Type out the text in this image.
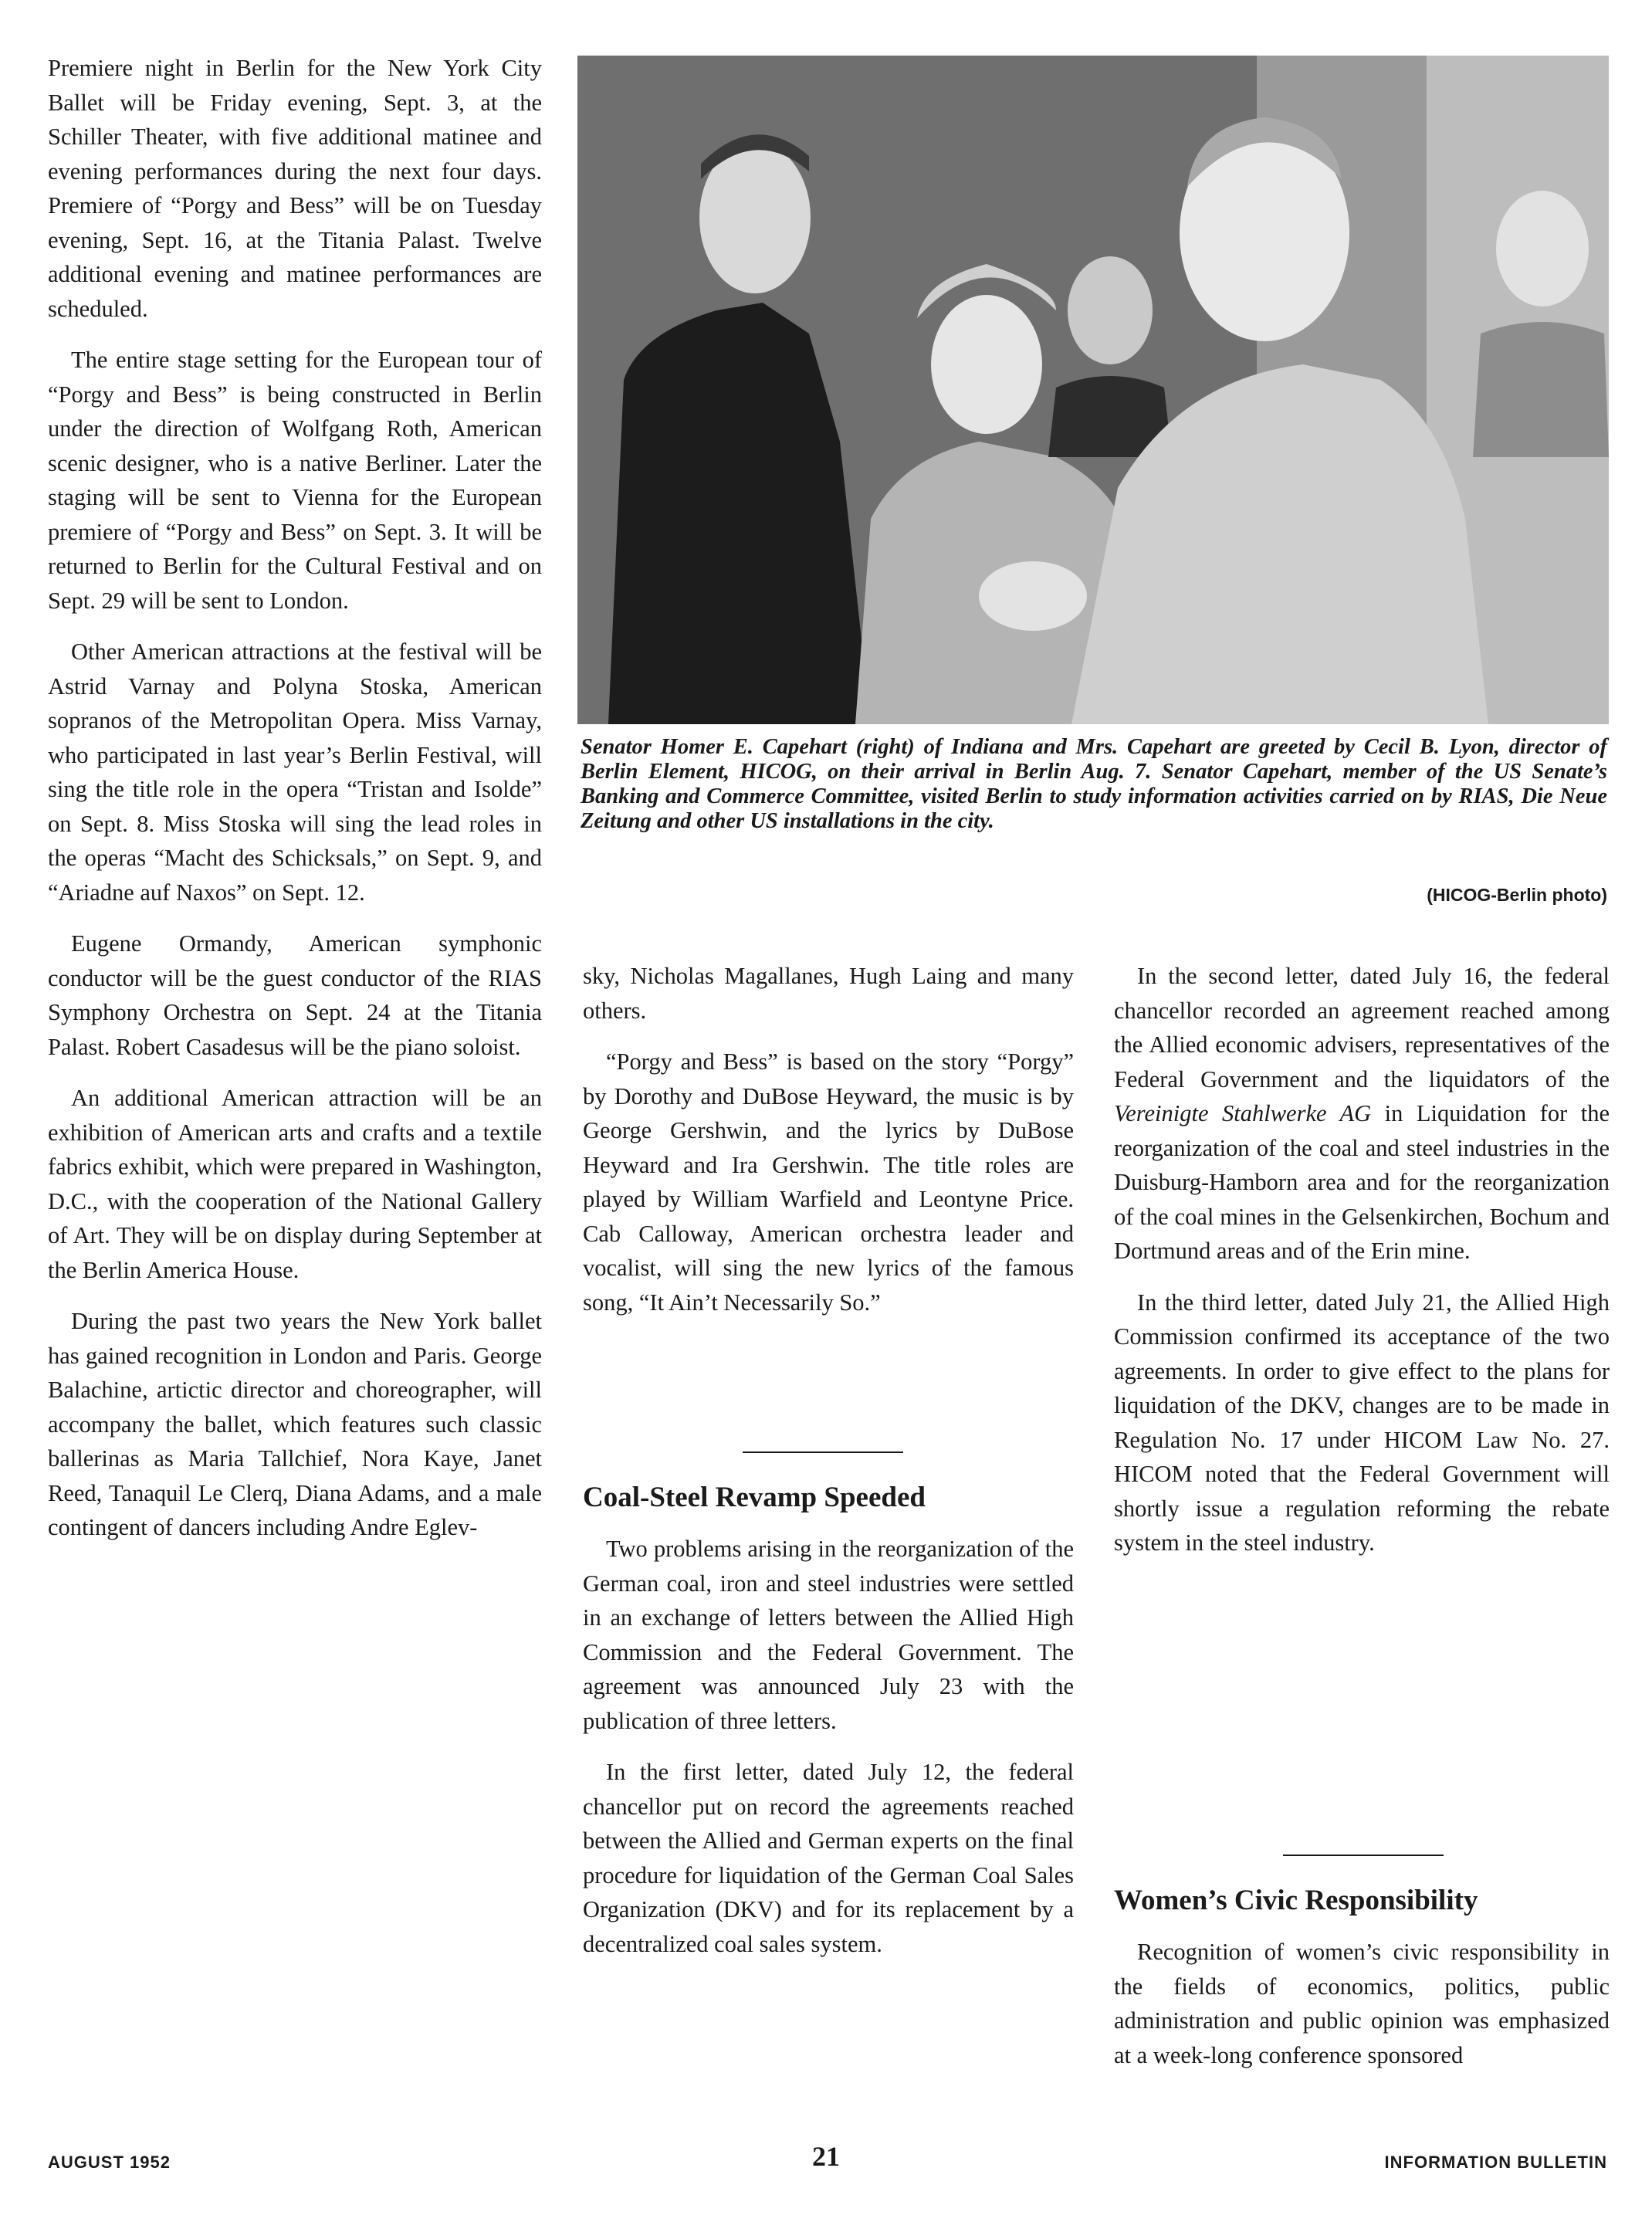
Premiere night in Berlin for the New York City Ballet will be Friday evening, Sept. 3, at the Schiller Theater, with five additional matinee and evening performances during the next four days. Premiere of “Porgy and Bess” will be on Tuesday evening, Sept. 16, at the Titania Palast. Twelve additional evening and matinee performances are scheduled.

The entire stage setting for the European tour of “Porgy and Bess” is being constructed in Berlin under the direction of Wolfgang Roth, American scenic designer, who is a native Berliner. Later the staging will be sent to Vienna for the European premiere of “Porgy and Bess” on Sept. 3. It will be returned to Berlin for the Cultural Festival and on Sept. 29 will be sent to London.

Other American attractions at the festival will be Astrid Varnay and Polyna Stoska, American sopranos of the Metropolitan Opera. Miss Varnay, who participated in last year’s Berlin Festival, will sing the title role in the opera “Tristan and Isolde” on Sept. 8. Miss Stoska will sing the lead roles in the operas “Macht des Schicksals,” on Sept. 9, and “Ariadne auf Naxos” on Sept. 12.

Eugene Ormandy, American symphonic conductor will be the guest conductor of the RIAS Symphony Orchestra on Sept. 24 at the Titania Palast. Robert Casadesus will be the piano soloist.

An additional American attraction will be an exhibition of American arts and crafts and a textile fabrics exhibit, which were prepared in Washington, D.C., with the cooperation of the National Gallery of Art. They will be on display during September at the Berlin America House.

During the past two years the New York ballet has gained recognition in London and Paris. George Balachine, artictic director and choreographer, will accompany the ballet, which features such classic ballerinas as Maria Tallchief, Nora Kaye, Janet Reed, Tanaquil Le Clerq, Diana Adams, and a male contingent of dancers including Andre Eglev-

Senator Homer E. Capehart (right) of Indiana and Mrs. Capehart are greeted by Cecil B. Lyon, director of Berlin Element, HICOG, on their arrival in Berlin Aug. 7. Senator Capehart, member of the US Senate’s Banking and Commerce Committee, visited Berlin to study information activities carried on by RIAS, Die Neue Zeitung and other US installations in the city.
(HICOG-Berlin photo)

sky, Nicholas Magallanes, Hugh Laing and many others.

“Porgy and Bess” is based on the story “Porgy” by Dorothy and DuBose Heyward, the music is by George Gershwin, and the lyrics by DuBose Heyward and Ira Gershwin. The title roles are played by William Warfield and Leontyne Price. Cab Calloway, American orchestra leader and vocalist, will sing the new lyrics of the famous song, “It Ain’t Necessarily So.”

Coal-Steel Revamp Speeded

Two problems arising in the reorganization of the German coal, iron and steel industries were settled in an exchange of letters between the Allied High Commission and the Federal Government. The agreement was announced July 23 with the publication of three letters.

In the first letter, dated July 12, the federal chancellor put on record the agreements reached between the Allied and German experts on the final procedure for liquidation of the German Coal Sales Organization (DKV) and for its replacement by a decentralized coal sales system.

In the second letter, dated July 16, the federal chancellor recorded an agreement reached among the Allied economic advisers, representatives of the Federal Government and the liquidators of the Vereinigte Stahlwerke AG in Liquidation for the reorganization of the coal and steel industries in the Duisburg-Hamborn area and for the reorganization of the coal mines in the Gelsenkirchen, Bochum and Dortmund areas and of the Erin mine.

In the third letter, dated July 21, the Allied High Commission confirmed its acceptance of the two agreements. In order to give effect to the plans for liquidation of the DKV, changes are to be made in Regulation No. 17 under HICOM Law No. 27. HICOM noted that the Federal Government will shortly issue a regulation reforming the rebate system in the steel industry.

Women’s Civic Responsibility

Recognition of women’s civic responsibility in the fields of economics, politics, public administration and public opinion was emphasized at a week-long conference sponsored

AUGUST 1952	21	INFORMATION BULLETIN
